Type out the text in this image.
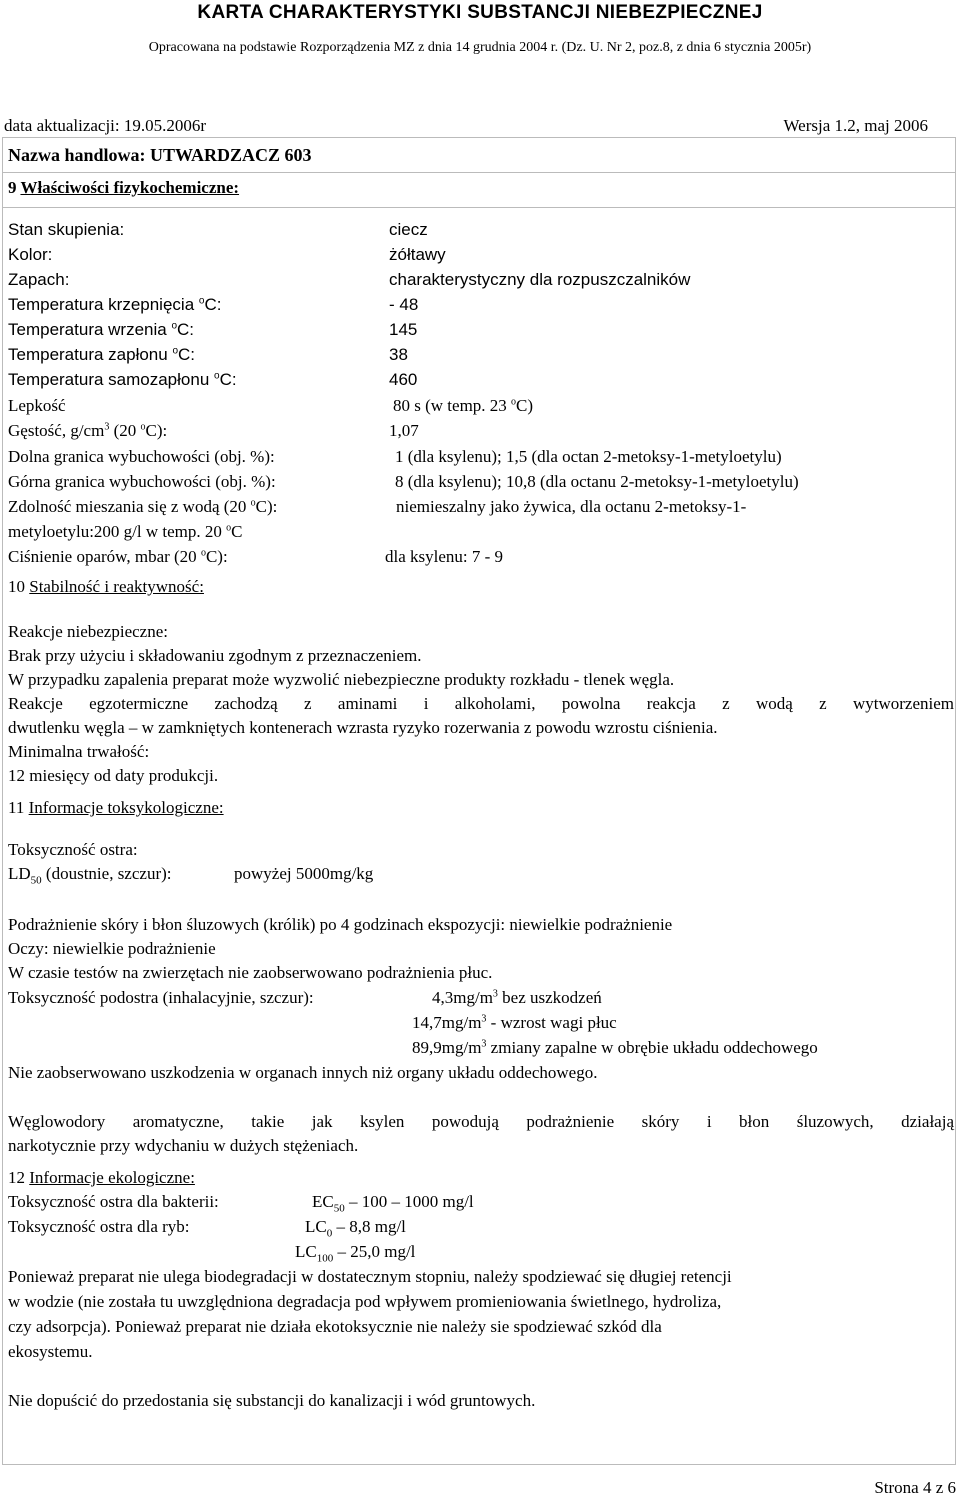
KARTA CHARAKTERYSTYKI SUBSTANCJI NIEBEZPIECZNEJ
Opracowana na podstawie Rozporządzenia MZ z dnia 14 grudnia 2004 r. (Dz. U. Nr 2, poz.8, z dnia 6 stycznia 2005r)
data aktualizacji: 19.05.2006r	Wersja 1.2, maj 2006
Nazwa handlowa: UTWARDZACZ 603
9 Właściwości fizykochemiczne:
Stan skupienia:	ciecz
Kolor:	żółtawy
Zapach:	charakterystyczny dla rozpuszczalników
Temperatura krzepnięcia $^o$C:	- 48
Temperatura wrzenia $^o$C:	145
Temperatura zapłonu $^o$C:	38
Temperatura samozapłonu $^o$C:	460
Lepkość	80 s (w temp. 23 $^o$C)
Gęstość, $g/cm^3$ (20 $^o$C):	1,07
Dolna granica wybuchowości (obj. %):	1 (dla ksylenu); 1,5 (dla octan 2-metoksy-1-metyloetylu)
Górna granica wybuchowości (obj. %):	8 (dla ksylenu); 10,8 (dla octanu 2-metoksy-1-metyloetylu)
Zdolność mieszania się z wodą (20 $^o$C):	niemieszalny jako żywica, dla octanu 2-metoksy-1-
metyloetylu:200 g/l w temp. 20 $^o$C
Ciśnienie oparów, mbar (20 $^o$C):	dla ksylenu: 7 - 9
10 Stabilność i reaktywność:
Reakcje niebezpieczne:
Brak przy użyciu i składowaniu zgodnym z przeznaczeniem.
W przypadku zapalenia preparat może wyzwolić niebezpieczne produkty rozkładu - tlenek węgla.
Reakcje egzotermiczne zachodzą z aminami i alkoholami, powolna reakcja z wodą z wytworzeniem
dwutlenku węgla – w zamkniętych kontenerach wzrasta ryzyko rozerwania z powodu wzrostu ciśnienia.
Minimalna trwałość:
12 miesięcy od daty produkcji.
11 Informacje toksykologiczne:
Toksyczność ostra:
$LD_{50}$ (doustnie, szczur):	powyżej 5000mg/kg
Podrażnienie skóry i błon śluzowych (królik) po 4 godzinach ekspozycji: niewielkie podrażnienie
Oczy: niewielkie podrażnienie
W czasie testów na zwierzętach nie zaobserwowano podrażnienia płuc.
Toksyczność podostra (inhalacyjnie, szczur):	$4,3mg/m^3$ bez uszkodzeń
$14,7mg/m^3$ - wzrost wagi płuc
$89,9mg/m^3$ zmiany zapalne w obrębie układu oddechowego
Nie zaobserwowano uszkodzenia w organach innych niż organy układu oddechowego.
Węglowodory aromatyczne, takie jak ksylen powodują podrażnienie skóry i błon śluzowych, działają
narkotycznie przy wdychaniu w dużych stężeniach.
12 Informacje ekologiczne:
Toksyczność ostra dla bakterii:	$EC_{50} - 100 - 1000$ mg/l
Toksyczność ostra dla ryb:	$LC_0 - 8,8$ mg/l
$LC_{100} - 25,0$ mg/l
Ponieważ preparat nie ulega biodegradacji w dostatecznym stopniu, należy spodziewać się długiej retencji
w wodzie (nie została tu uwzględniona degradacja pod wpływem promieniowania świetlnego, hydroliza,
czy adsorpcja). Ponieważ preparat nie działa ekotoksycznie nie należy sie spodziewać szkód dla
ekosystemu.
Nie dopuścić do przedostania się substancji do kanalizacji i wód gruntowych.
Strona 4 z 6
